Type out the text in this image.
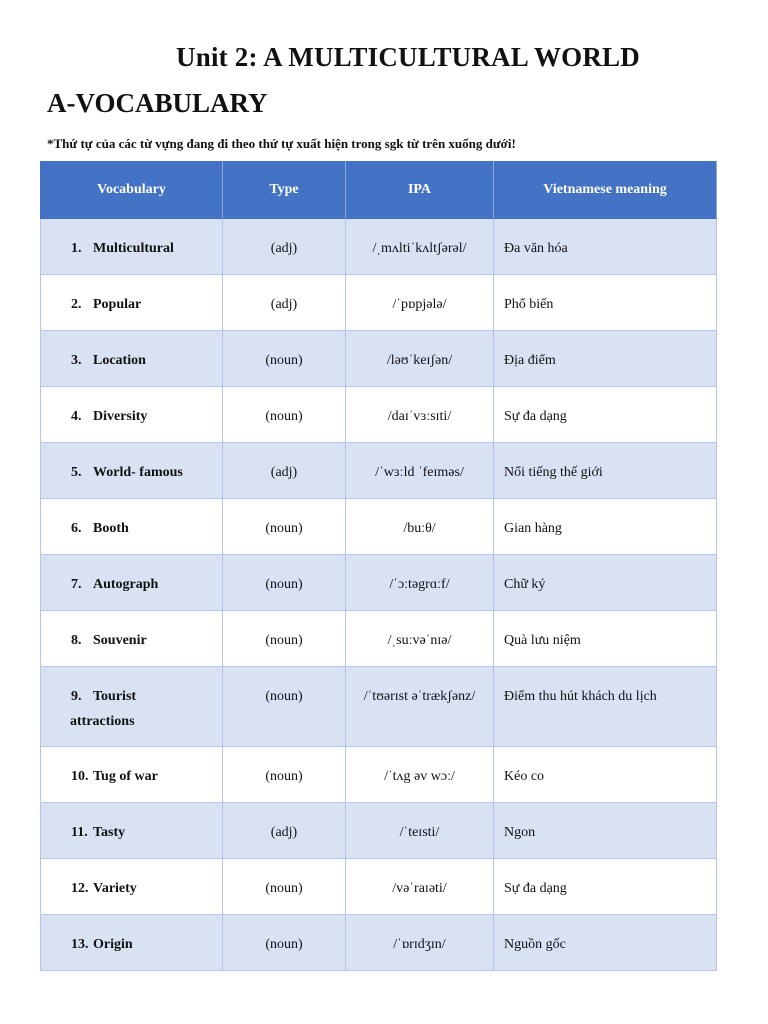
Unit 2: A MULTICULTURAL WORLD
A-VOCABULARY

*Thứ tự của các từ vựng đang đi theo thứ tự xuất hiện trong sgk từ trên xuống dưới!

Vocabulary	Type	IPA	Vietnamese meaning

1. Multicultural	(adj)	/ˌmʌltiˈkʌltʃərəl/	Đa văn hóa

2. Popular	(adj)	/ˈpɒpjələ/	Phổ biến

3. Location	(noun)	/ləʊˈkeɪʃən/	Địa điểm

4. Diversity	(noun)	/daɪˈvɜːsɪti/	Sự đa dạng

5. World- famous	(adj)	/ˈwɜːld ˈfeɪməs/	Nổi tiếng thế giới

6. Booth	(noun)	/buːθ/	Gian hàng

7. Autograph	(noun)	/ˈɔːtəgrɑːf/	Chữ ký

8. Souvenir	(noun)	/ˌsuːvəˈnɪə/	Quà lưu niệm

9. Tourist
attractions	(noun)	/ˈtʊərɪst əˈtrækʃənz/	Điểm thu hút khách du lịch

10. Tug of war	(noun)	/ˈtʌg əv wɔː/	Kéo co

11. Tasty	(adj)	/ˈteɪsti/	Ngon

12. Variety	(noun)	/vəˈraɪəti/	Sự đa dạng

13. Origin	(noun)	/ˈɒrɪdʒɪn/	Nguồn gốc
